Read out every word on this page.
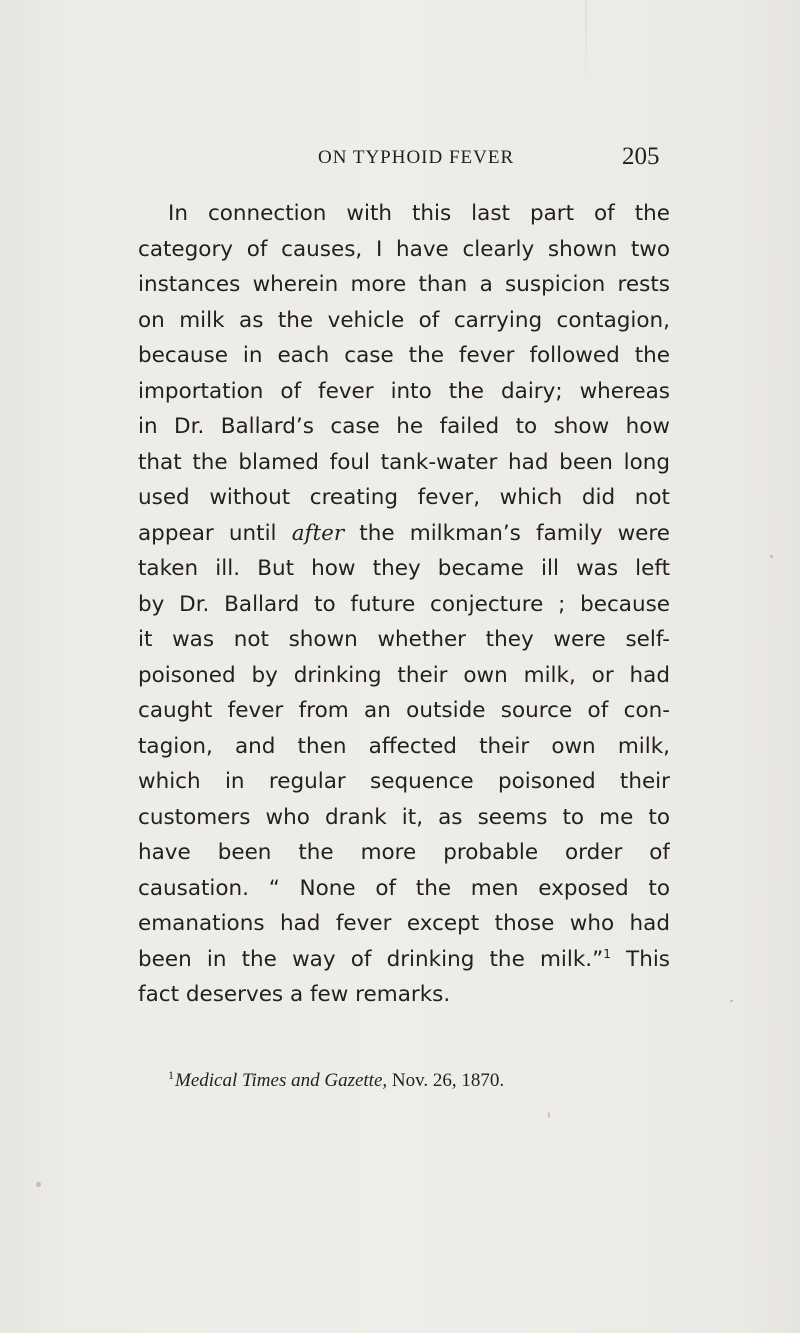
ON TYPHOID FEVER	205
In connection with this last part of the
category of causes, I have clearly shown two
instances wherein more than a suspicion rests
on milk as the vehicle of carrying contagion,
because in each case the fever followed the
importation of fever into the dairy; whereas
in Dr. Ballard’s case he failed to show how
that the blamed foul tank-water had been long
used without creating fever, which did not
appear until after the milkman’s family were
taken ill. But how they became ill was left
by Dr. Ballard to future conjecture ; because
it was not shown whether they were self-
poisoned by drinking their own milk, or had
caught fever from an outside source of con-
tagion, and then affected their own milk,
which in regular sequence poisoned their
customers who drank it, as seems to me to
have been the more probable order of
causation. “ None of the men exposed to
emanations had fever except those who had
been in the way of drinking the milk.”$^1$ This
fact deserves a few remarks.
$^1$Medical Times and Gazette, Nov. 26, 1870.
